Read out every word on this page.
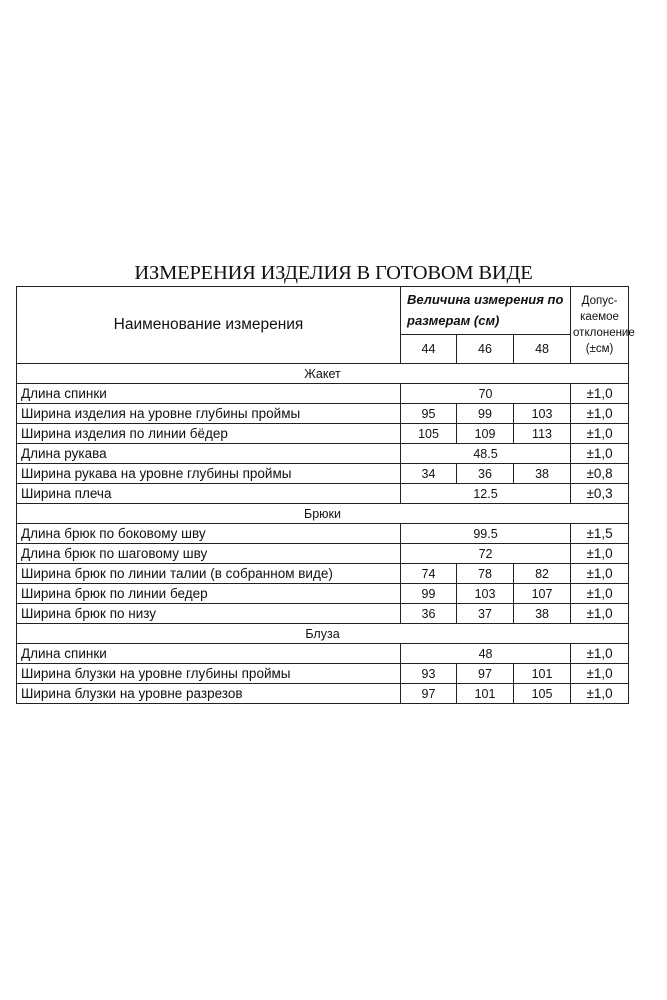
ИЗМЕРЕНИЯ ИЗДЕЛИЯ В ГОТОВОМ ВИДЕ
Наименование измерения	Величина измерения по размерам (см)			Допус-
каемое
отклонение
(±см)
	44	46	48	
Жакет				
Длина спинки	70			±1,0
Ширина изделия на уровне глубины проймы	95	99	103	±1,0
Ширина изделия по линии бёдер	105	109	113	±1,0
Длина рукава	48.5			±1,0
Ширина рукава на уровне глубины проймы	34	36	38	±0,8
Ширина плеча	12.5			±0,3
Брюки				
Длина брюк по боковому шву	99.5			±1,5
Длина брюк по шаговому шву	72			±1,0
Ширина брюк по линии талии (в собранном виде)	74	78	82	±1,0
Ширина брюк по линии бедер	99	103	107	±1,0
Ширина брюк по низу	36	37	38	±1,0
Блуза				
Длина спинки	48			±1,0
Ширина блузки на уровне глубины проймы	93	97	101	±1,0
Ширина блузки на уровне разрезов	97	101	105	±1,0
